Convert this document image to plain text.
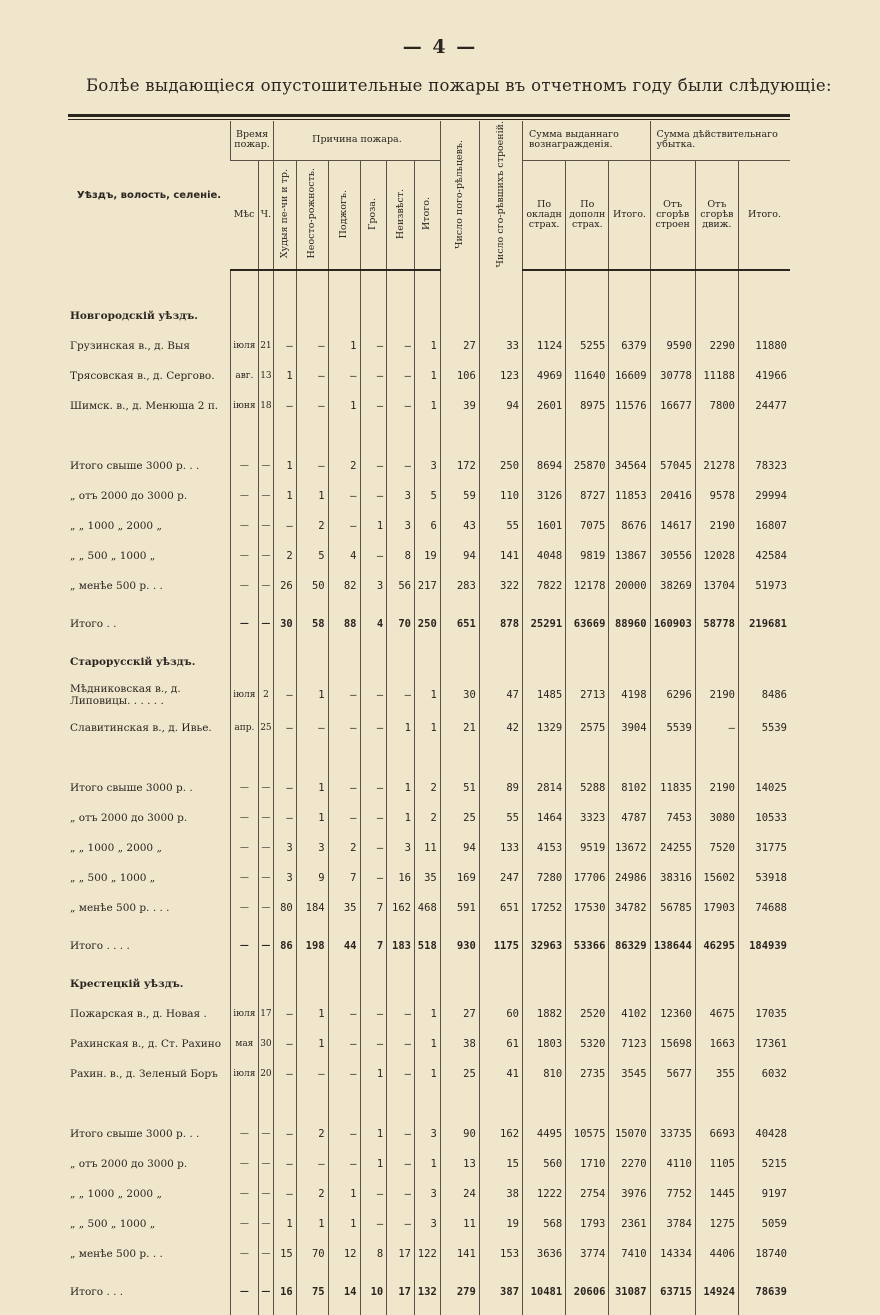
— 4 —
Болѣе выдающіеся опустошительные пожары въ отчетномъ году были слѣдующіе:
Уѣздъ, волость, селеніе.	Время пожар.		Причина пожара.						Число пого-рѣльцевъ.	Число сго-рѣвшихъ строеній.	Сумма выданнаго вознагражденія.			Сумма дѣйствительнаго убытка.		
	Мѣс	Ч.	Худыя пе-чи и тр.	Неосто-рожность.	Поджогъ.	Гроза.	Неизвѣст.	Итого.			По окладн страх.	По дополн страх.	Итого.	Отъ сгорѣв строен	Отъ сгорѣв движ.	Итого.

Новгородскій уѣздъ.																
Грузинская в., д. Выя	іюля	21	—	—	1	—	—	1	27	33	1124	5255	6379	9590	2290	11880
Трясовская в., д. Сергово.	авг.	13	1	—	—	—	—	1	106	123	4969	11640	16609	30778	11188	41966
Шимск. в., д. Менюша 2 п.	іюня	18	—	—	1	—	—	1	39	94	2601	8975	11576	16677	7800	24477

Итого свыше 3000 р. . .	—	—	1	—	2	—	—	3	172	250	8694	25870	34564	57045	21278	78323
„ отъ 2000 до 3000 р.	—	—	1	1	—	—	3	5	59	110	3126	8727	11853	20416	9578	29994
„ „ 1000 „ 2000 „	—	—	—	2	—	1	3	6	43	55	1601	7075	8676	14617	2190	16807
„ „ 500 „ 1000 „	—	—	2	5	4	—	8	19	94	141	4048	9819	13867	30556	12028	42584
„ менѣе 500 р. . .	—	—	26	50	82	3	56	217	283	322	7822	12178	20000	38269	13704	51973
Итого . .	—	—	30	58	88	4	70	250	651	878	25291	63669	88960	160903	58778	219681
Старорусскій уѣздъ.																
Мѣдниковская в., д. Липовицы. . . . . .	іюля	2	—	1	—	—	—	1	30	47	1485	2713	4198	6296	2190	8486
Славитинская в., д. Ивье.	апр.	25	—	—	—	—	1	1	21	42	1329	2575	3904	5539	—	5539

Итого свыше 3000 р. .	—	—	—	1	—	—	1	2	51	89	2814	5288	8102	11835	2190	14025
„ отъ 2000 до 3000 р.	—	—	—	1	—	—	1	2	25	55	1464	3323	4787	7453	3080	10533
„ „ 1000 „ 2000 „	—	—	3	3	2	—	3	11	94	133	4153	9519	13672	24255	7520	31775
„ „ 500 „ 1000 „	—	—	3	9	7	—	16	35	169	247	7280	17706	24986	38316	15602	53918
„ менѣе 500 р. . . .	—	—	80	184	35	7	162	468	591	651	17252	17530	34782	56785	17903	74688
Итого . . . .	—	—	86	198	44	7	183	518	930	1175	32963	53366	86329	138644	46295	184939
Крестецкій уѣздъ.																
Пожарская в., д. Новая .	іюля	17	—	1	—	—	—	1	27	60	1882	2520	4102	12360	4675	17035
Рахинская в., д. Ст. Рахино	мая	30	—	1	—	—	—	1	38	61	1803	5320	7123	15698	1663	17361
Рахин. в., д. Зеленый Боръ	іюля	20	—	—	—	1	—	1	25	41	810	2735	3545	5677	355	6032

Итого свыше 3000 р. . .	—	—	—	2	—	1	—	3	90	162	4495	10575	15070	33735	6693	40428
„ отъ 2000 до 3000 р.	—	—	—	—	—	1	—	1	13	15	560	1710	2270	4110	1105	5215
„ „ 1000 „ 2000 „	—	—	—	2	1	—	—	3	24	38	1222	2754	3976	7752	1445	9197
„ „ 500 „ 1000 „	—	—	1	1	1	—	—	3	11	19	568	1793	2361	3784	1275	5059
„ менѣе 500 р. . .	—	—	15	70	12	8	17	122	141	153	3636	3774	7410	14334	4406	18740
Итого . . .	—	—	16	75	14	10	17	132	279	387	10481	20606	31087	63715	14924	78639
